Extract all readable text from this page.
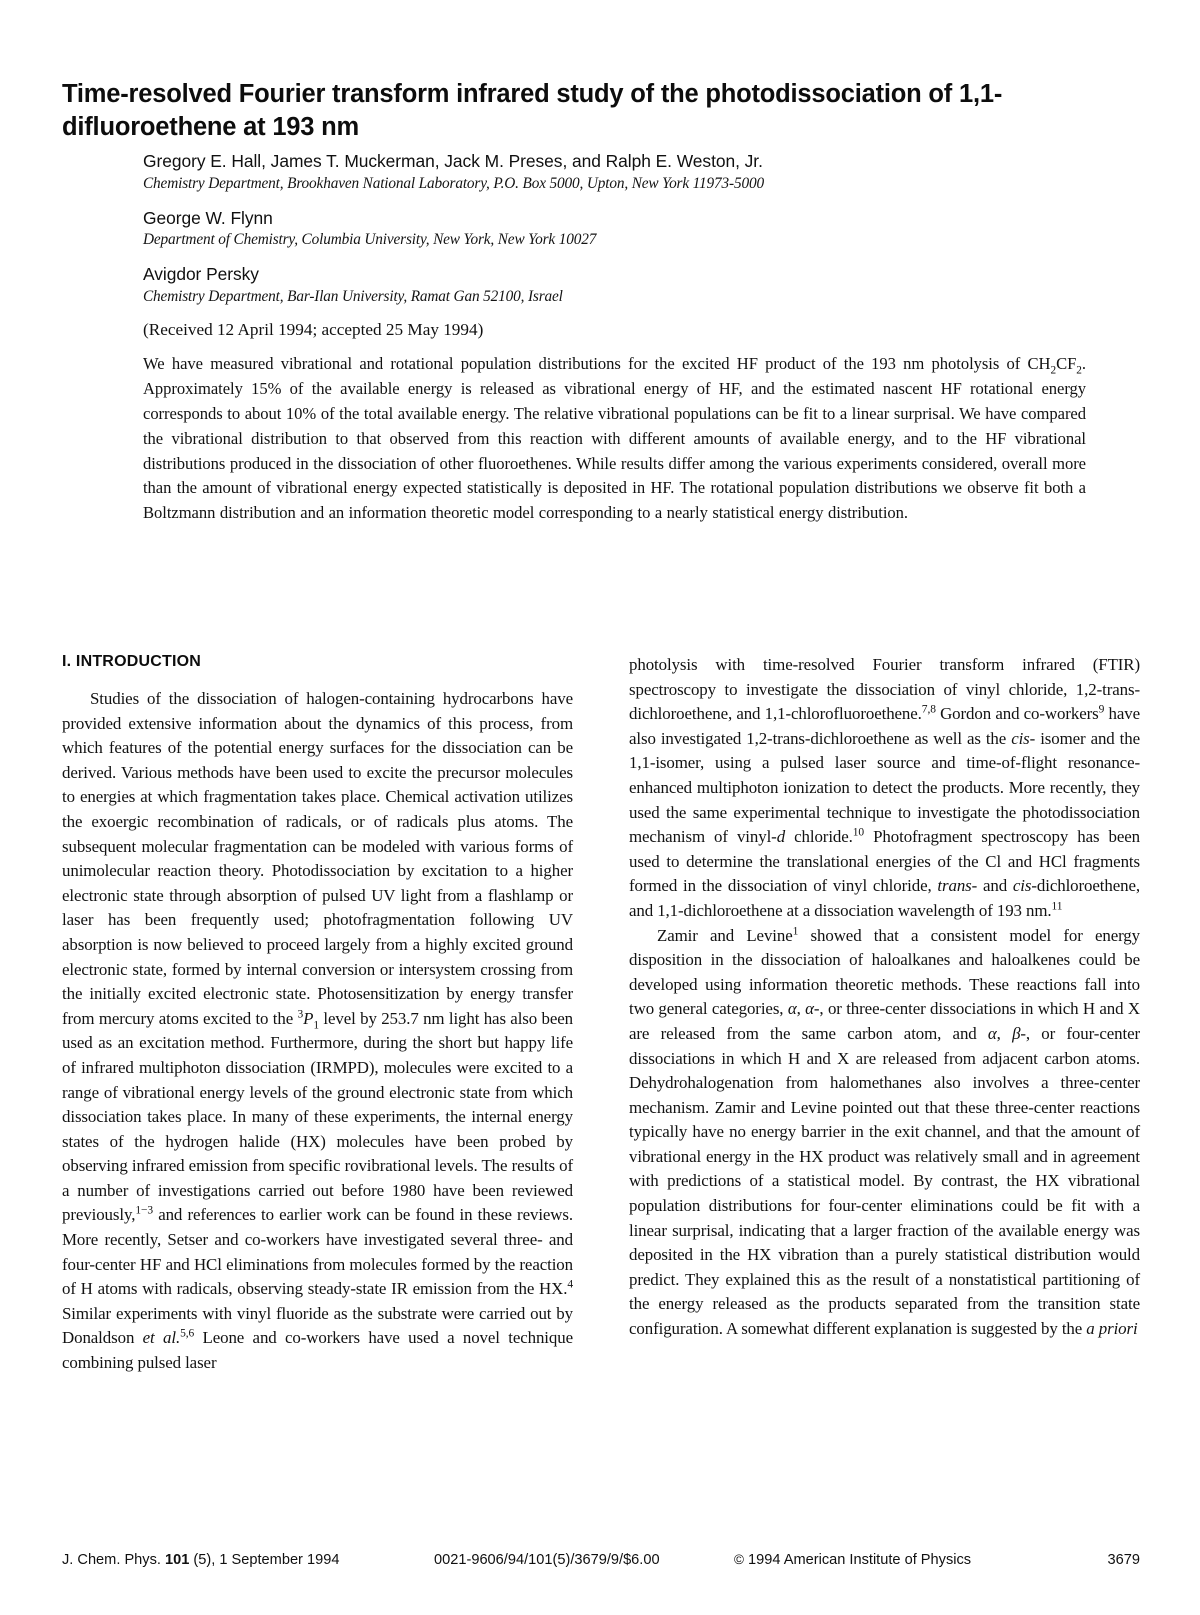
Time-resolved Fourier transform infrared study of the photodissociation of 1,1-difluoroethene at 193 nm

Gregory E. Hall, James T. Muckerman, Jack M. Preses, and Ralph E. Weston, Jr.

Chemistry Department, Brookhaven National Laboratory, P.O. Box 5000, Upton, New York 11973-5000

George W. Flynn

Department of Chemistry, Columbia University, New York, New York 10027

Avigdor Persky

Chemistry Department, Bar-Ilan University, Ramat Gan 52100, Israel

(Received 12 April 1994; accepted 25 May 1994)

We have measured vibrational and rotational population distributions for the excited HF product of the 193 nm photolysis of $CH_2CF_2$. Approximately 15% of the available energy is released as vibrational energy of HF, and the estimated nascent HF rotational energy corresponds to about 10% of the total available energy. The relative vibrational populations can be fit to a linear surprisal. We have compared the vibrational distribution to that observed from this reaction with different amounts of available energy, and to the HF vibrational distributions produced in the dissociation of other fluoroethenes. While results differ among the various experiments considered, overall more than the amount of vibrational energy expected statistically is deposited in HF. The rotational population distributions we observe fit both a Boltzmann distribution and an information theoretic model corresponding to a nearly statistical energy distribution.
I. INTRODUCTION

Studies of the dissociation of halogen-containing hydrocarbons have provided extensive information about the dynamics of this process, from which features of the potential energy surfaces for the dissociation can be derived. Various methods have been used to excite the precursor molecules to energies at which fragmentation takes place. Chemical activation utilizes the exoergic recombination of radicals, or of radicals plus atoms. The subsequent molecular fragmentation can be modeled with various forms of unimolecular reaction theory. Photodissociation by excitation to a higher electronic state through absorption of pulsed UV light from a flashlamp or laser has been frequently used; photofragmentation following UV absorption is now believed to proceed largely from a highly excited ground electronic state, formed by internal conversion or intersystem crossing from the initially excited electronic state. Photosensitization by energy transfer from mercury atoms excited to the $^3P_1$ level by 253.7 nm light has also been used as an excitation method. Furthermore, during the short but happy life of infrared multiphoton dissociation (IRMPD), molecules were excited to a range of vibrational energy levels of the ground electronic state from which dissociation takes place. In many of these experiments, the internal energy states of the hydrogen halide (HX) molecules have been probed by observing infrared emission from specific rovibrational levels. The results of a number of investigations carried out before 1980 have been reviewed previously,$^{1-3}$ and references to earlier work can be found in these reviews. More recently, Setser and co-workers have investigated several three- and four-center HF and HCl eliminations from molecules formed by the reaction of H atoms with radicals, observing steady-state IR emission from the HX.$^4$ Similar experiments with vinyl fluoride as the substrate were carried out by Donaldson et al.$^{5,6}$ Leone and co-workers have used a novel technique combining pulsed laser

photolysis with time-resolved Fourier transform infrared (FTIR) spectroscopy to investigate the dissociation of vinyl chloride, 1,2-trans-dichloroethene, and 1,1-chlorofluoroethene.$^{7,8}$ Gordon and co-workers$^9$ have also investigated 1,2-trans-dichloroethene as well as the cis- isomer and the 1,1-isomer, using a pulsed laser source and time-of-flight resonance-enhanced multiphoton ionization to detect the products. More recently, they used the same experimental technique to investigate the photodissociation mechanism of vinyl-d chloride.$^{10}$ Photofragment spectroscopy has been used to determine the translational energies of the Cl and HCl fragments formed in the dissociation of vinyl chloride, trans- and cis-dichloroethene, and 1,1-dichloroethene at a dissociation wavelength of 193 nm.$^{11}$

Zamir and Levine$^1$ showed that a consistent model for energy disposition in the dissociation of haloalkanes and haloalkenes could be developed using information theoretic methods. These reactions fall into two general categories, α, α-, or three-center dissociations in which H and X are released from the same carbon atom, and α, β-, or four-center dissociations in which H and X are released from adjacent carbon atoms. Dehydrohalogenation from halomethanes also involves a three-center mechanism. Zamir and Levine pointed out that these three-center reactions typically have no energy barrier in the exit channel, and that the amount of vibrational energy in the HX product was relatively small and in agreement with predictions of a statistical model. By contrast, the HX vibrational population distributions for four-center eliminations could be fit with a linear surprisal, indicating that a larger fraction of the available energy was deposited in the HX vibration than a purely statistical distribution would predict. They explained this as the result of a nonstatistical partitioning of the energy released as the products separated from the transition state configuration. A somewhat different explanation is suggested by the a priori

J. Chem. Phys. 101 (5), 1 September 1994	0021-9606/94/101(5)/3679/9/$6.00	© 1994 American Institute of Physics	3679
